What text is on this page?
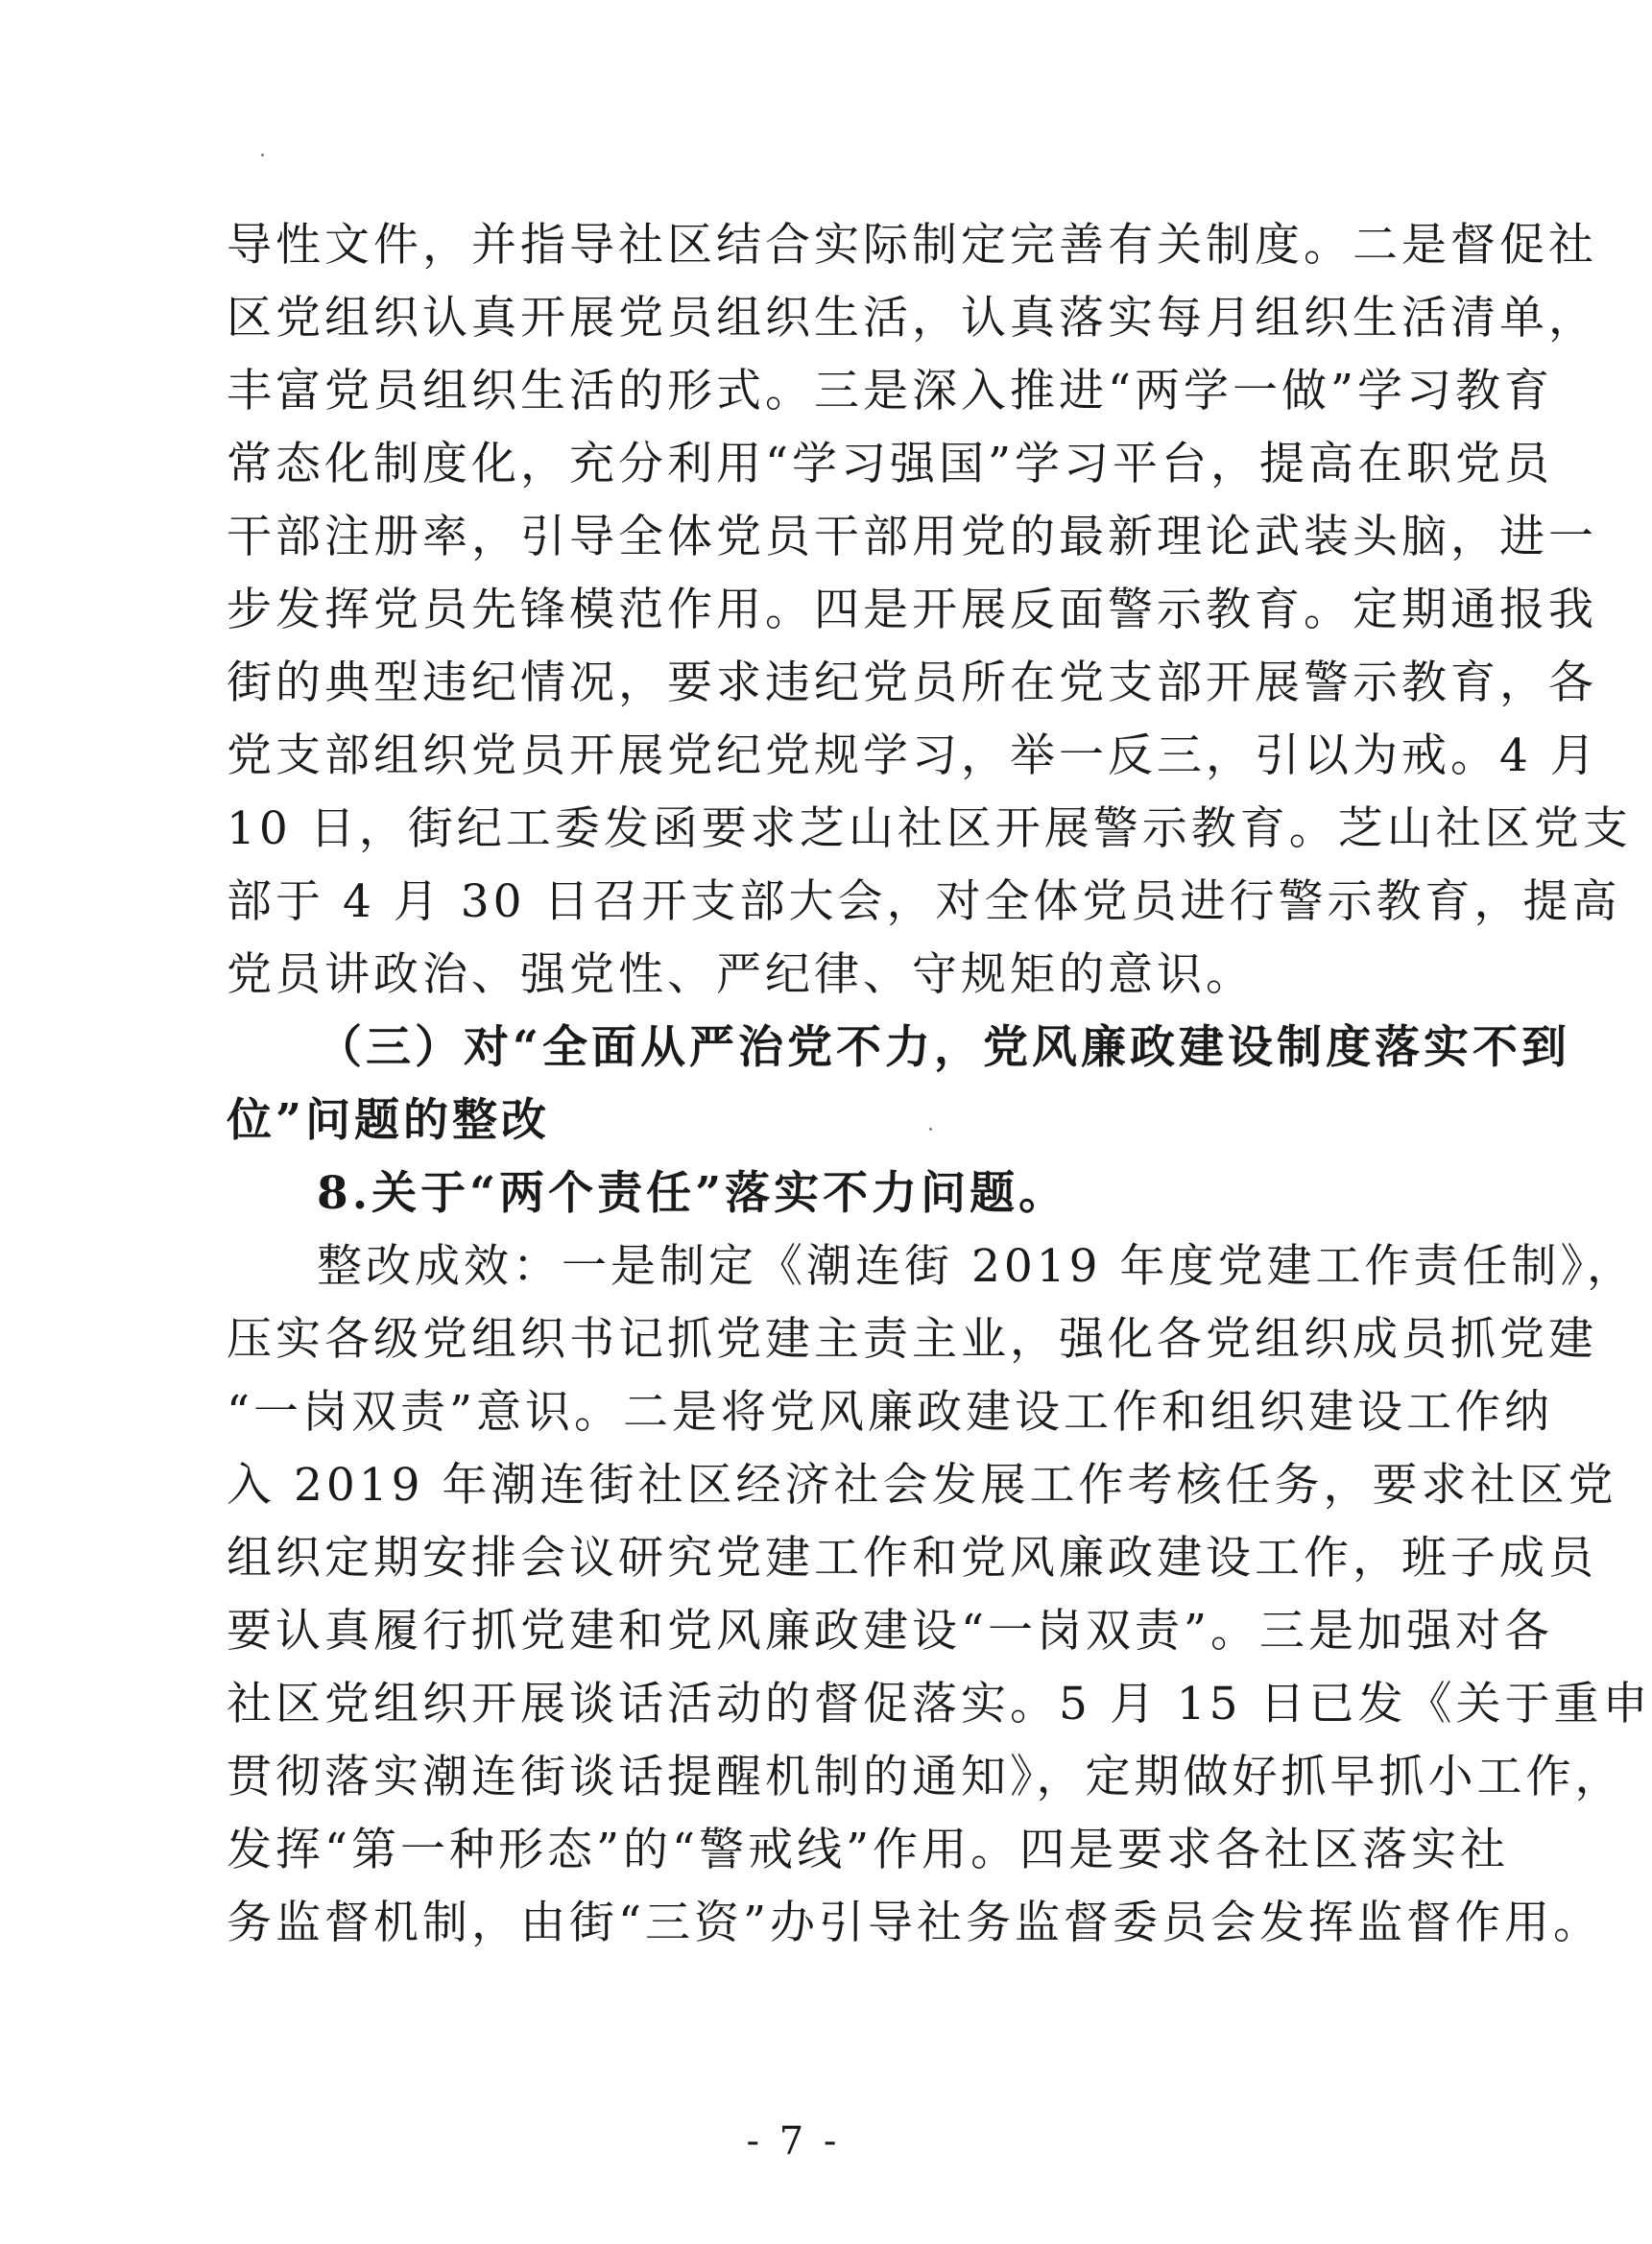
导性文件，并指导社区结合实际制定完善有关制度。二是督促社
区党组织认真开展党员组织生活，认真落实每月组织生活清单，
丰富党员组织生活的形式。三是深入推进“两学一做”学习教育
常态化制度化，充分利用“学习强国”学习平台，提高在职党员
干部注册率，引导全体党员干部用党的最新理论武装头脑，进一
步发挥党员先锋模范作用。四是开展反面警示教育。定期通报我
街的典型违纪情况，要求违纪党员所在党支部开展警示教育，各
党支部组织党员开展党纪党规学习，举一反三，引以为戒。4 月
10 日，街纪工委发函要求芝山社区开展警示教育。芝山社区党支
部于 4 月 30 日召开支部大会，对全体党员进行警示教育，提高
党员讲政治、强党性、严纪律、守规矩的意识。
（三）对“全面从严治党不力，党风廉政建设制度落实不到
位”问题的整改
8.关于“两个责任”落实不力问题。
整改成效：一是制定《潮连街 2019 年度党建工作责任制》，
压实各级党组织书记抓党建主责主业，强化各党组织成员抓党建
“一岗双责”意识。二是将党风廉政建设工作和组织建设工作纳
入 2019 年潮连街社区经济社会发展工作考核任务，要求社区党
组织定期安排会议研究党建工作和党风廉政建设工作，班子成员
要认真履行抓党建和党风廉政建设“一岗双责”。三是加强对各
社区党组织开展谈话活动的督促落实。5 月 15 日已发《关于重申
贯彻落实潮连街谈话提醒机制的通知》，定期做好抓早抓小工作，
发挥“第一种形态”的“警戒线”作用。四是要求各社区落实社
务监督机制，由街“三资”办引导社务监督委员会发挥监督作用。
- 7 -
